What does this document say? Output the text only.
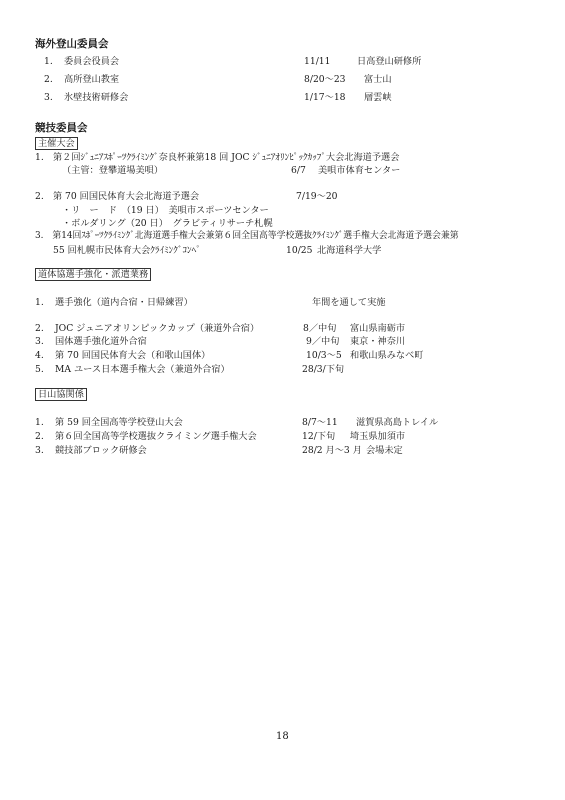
海外登山委員会
1. 委員会役員会	11/11	日高登山研修所
2. 高所登山教室	8/20～23 富士山
3. 氷壁技術研修会	1/17～18 層雲峡
競技委員会
主催大会
1.　第２回ｼﾞｭﾆｱｽﾎﾟｰﾂｸﾗｲﾐﾝｸﾞ奈良杯兼第18 回 JOC ｼﾞｭﾆｱｵﾘﾝﾋﾟｯｸｶｯﾌﾟ大会北海道予選会
（主管：登攀道場美唄）	6/7 美唄市体育センター
2.　第 70 回国民体育大会北海道予選会	7/19～20
・リ　ー　ド　（19 日）　美唄市スポーツセンター
・ボルダリング（20 日）　グラビティリサーチ札幌
3.　第14回ｽﾎﾟｰﾂｸﾗｲﾐﾝｸﾞ北海道選手権大会兼第６回全国高等学校選抜ｸﾗｲﾐﾝｸﾞ選手権大会北海道予選会兼第
55 回札幌市民体育大会ｸﾗｲﾐﾝｸﾞｺﾝﾍﾟ	10/25 北海道科学大学
道体協選手強化・派遣業務
1. 選手強化（道内合宿・日帰練習）	年間を通して実施
2. JOC ジュニアオリンピックカップ（兼道外合宿）	8／中旬 富山県南砺市
3. 国体選手強化道外合宿	9／中旬 東京・神奈川
4. 第 70 回国民体育大会（和歌山国体）	10/3～5 和歌山県みなべ町
5. MA ユース日本選手権大会（兼道外合宿）	28/3/下旬
日山協関係
1. 第 59 回全国高等学校登山大会	8/7～11 滋賀県高島トレイル
2. 第６回全国高等学校選抜クライミング選手権大会	12/下旬 埼玉県加須市
3. 競技部ブロック研修会	28/2 月～3 月 会場未定
18
